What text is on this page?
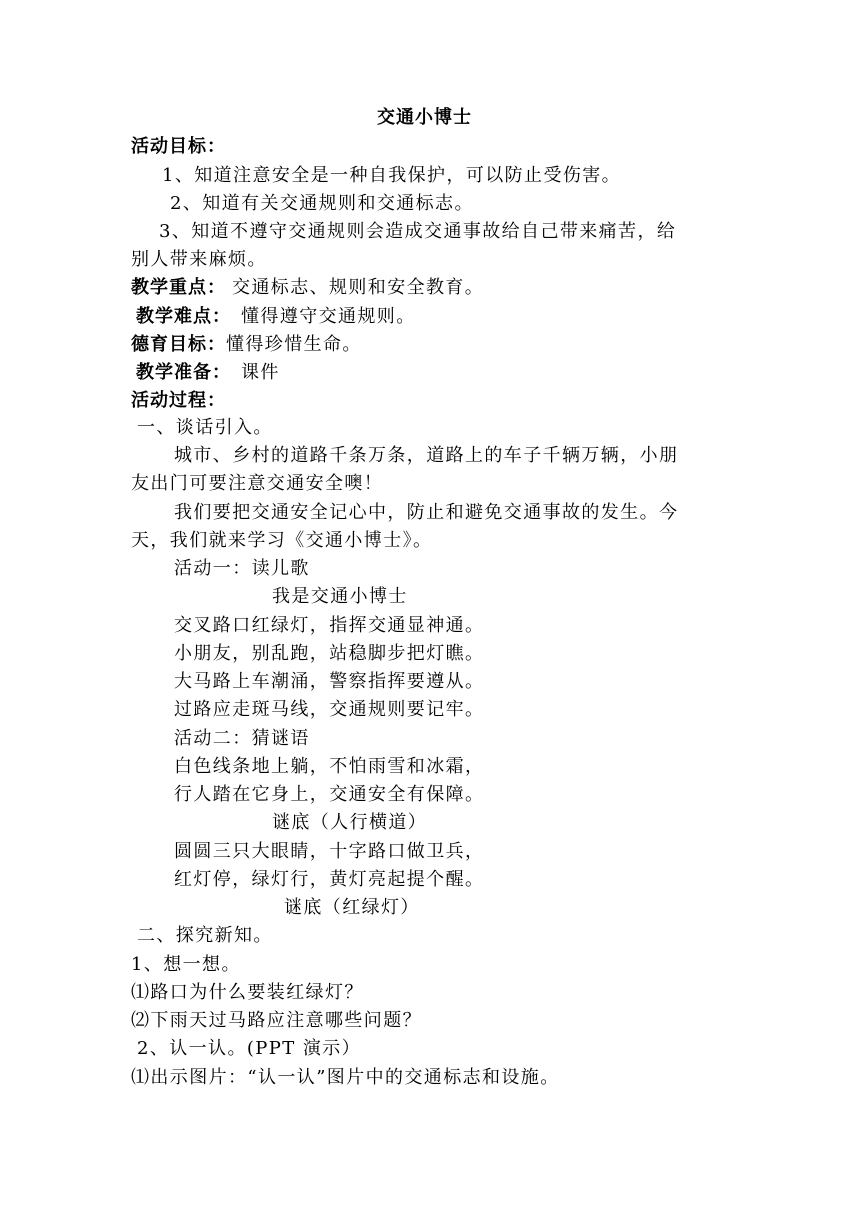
交通小博士
活动目标：
1、知道注意安全是一种自我保护，可以防止受伤害。
2、知道有关交通规则和交通标志。
3、知道不遵守交通规则会造成交通事故给自己带来痛苦，给
别人带来麻烦。
教学重点： 交通标志、规则和安全教育。
教学难点： 懂得遵守交通规则。
德育目标：懂得珍惜生命。
教学准备： 课件
活动过程：
一、谈话引入。
城市、乡村的道路千条万条，道路上的车子千辆万辆，小朋
友出门可要注意交通安全噢！
我们要把交通安全记心中，防止和避免交通事故的发生。今
天，我们就来学习《交通小博士》。
活动一：读儿歌
我是交通小博士
交叉路口红绿灯，指挥交通显神通。
小朋友，别乱跑，站稳脚步把灯瞧。
大马路上车潮涌，警察指挥要遵从。
过路应走斑马线，交通规则要记牢。
活动二：猜谜语
白色线条地上躺，不怕雨雪和冰霜，
行人踏在它身上，交通安全有保障。
谜底（人行横道）
圆圆三只大眼睛，十字路口做卫兵，
红灯停，绿灯行，黄灯亮起提个醒。
谜底（红绿灯）
二、探究新知。
1、想一想。
⑴路口为什么要装红绿灯？
⑵下雨天过马路应注意哪些问题？
2、认一认。(PPT 演示）
⑴出示图片：“认一认”图片中的交通标志和设施。
